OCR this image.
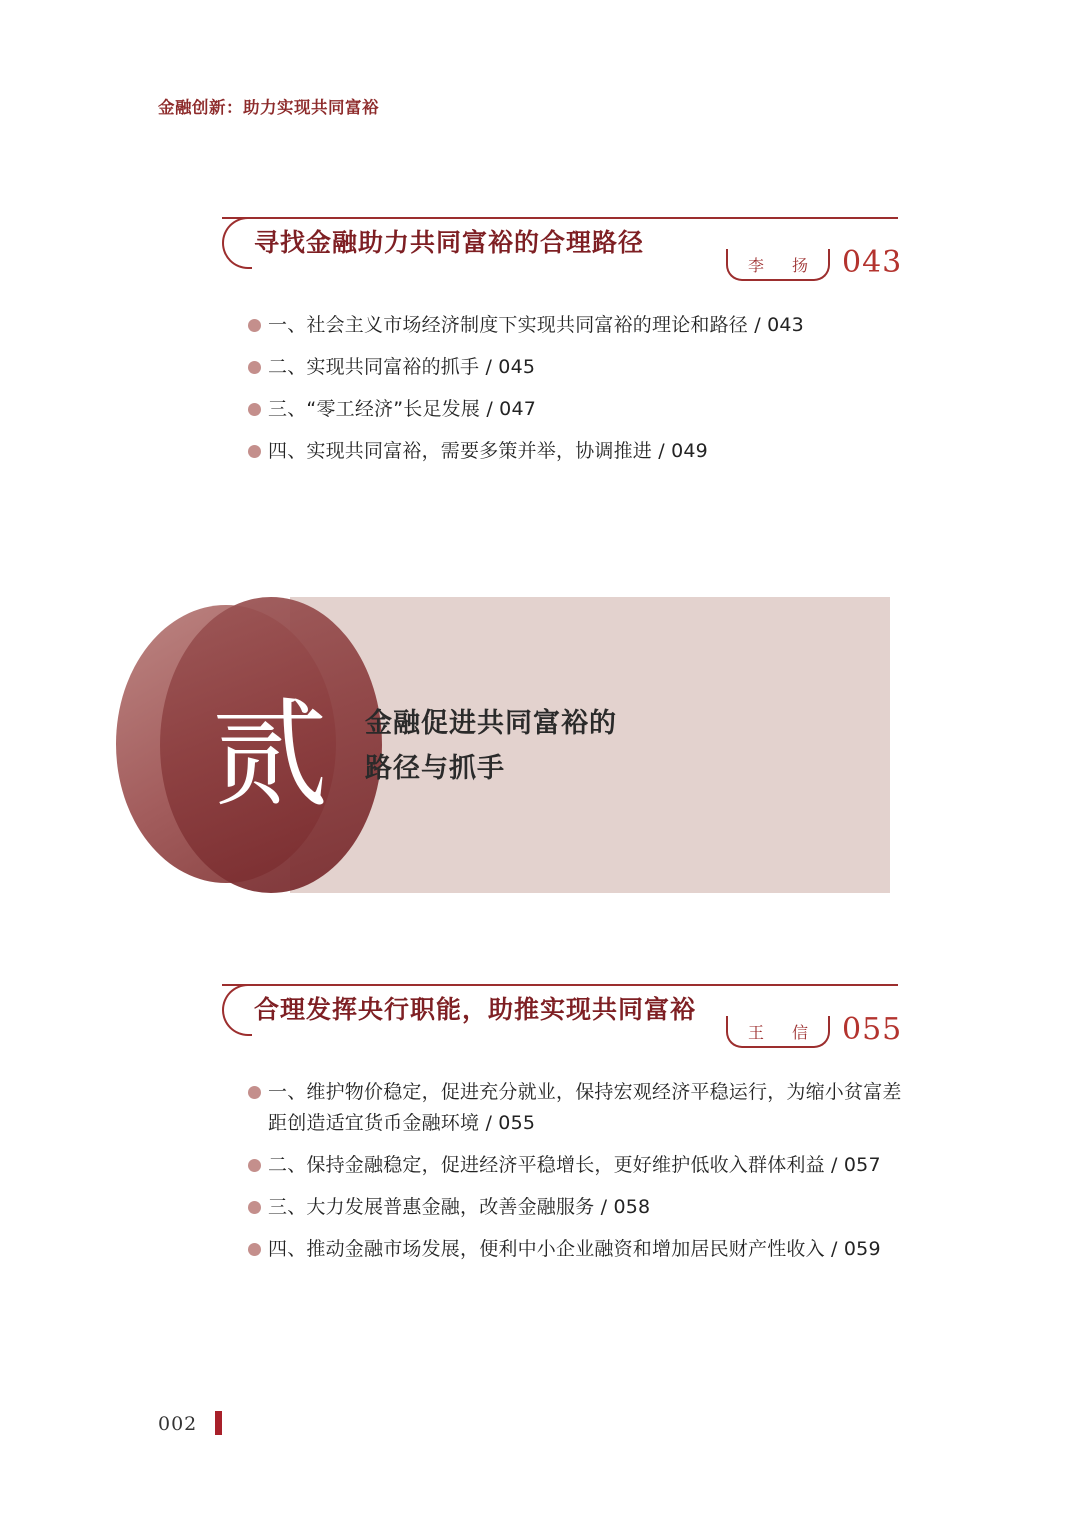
金融创新：助力实现共同富裕
寻找金融助力共同富裕的合理路径
李　扬 043
一、社会主义市场经济制度下实现共同富裕的理论和路径 / 043
二、实现共同富裕的抓手 / 045
三、“零工经济”长足发展 / 047
四、实现共同富裕，需要多策并举，协调推进 / 049
贰	金融促进共同富裕的
路径与抓手
合理发挥央行职能，助推实现共同富裕
王　信 055
一、维护物价稳定，促进充分就业，保持宏观经济平稳运行，为缩小贫富差距创造适宜货币金融环境 / 055
二、保持金融稳定，促进经济平稳增长，更好维护低收入群体利益 / 057
三、大力发展普惠金融，改善金融服务 / 058
四、推动金融市场发展，便利中小企业融资和增加居民财产性收入 / 059
002
